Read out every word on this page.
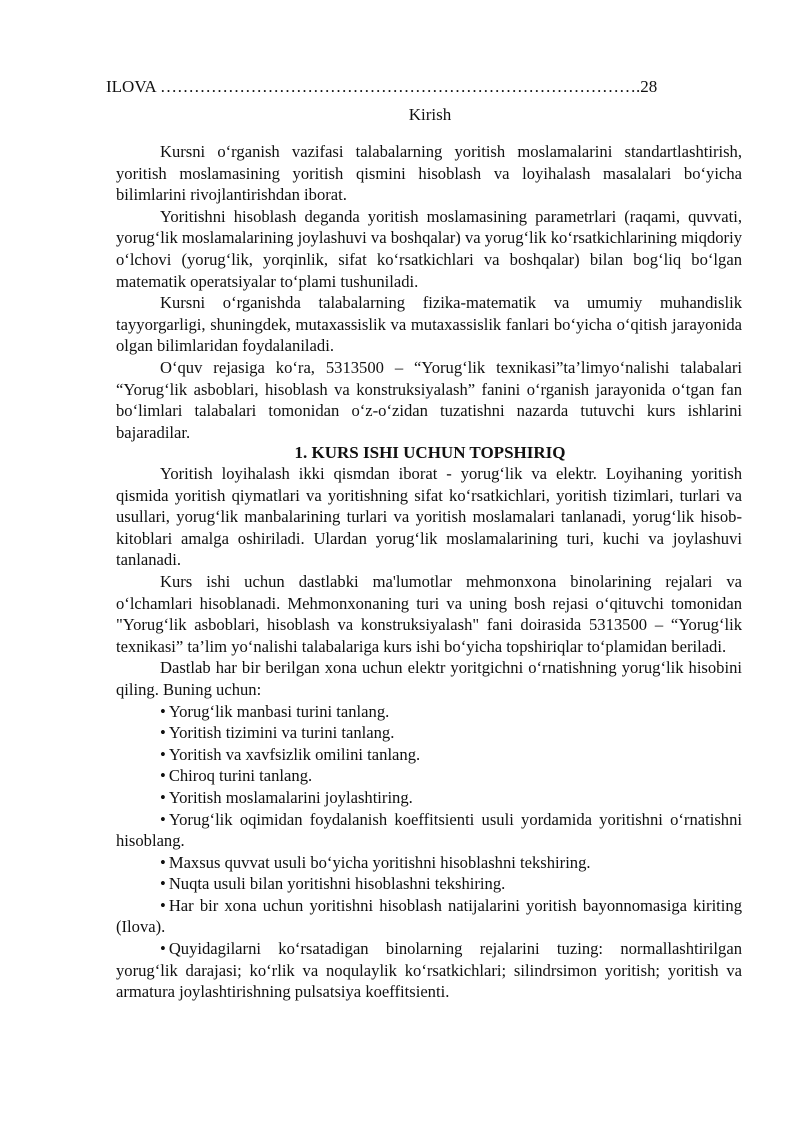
ILOVA ………………………………………………………………………….28
Kirish

Kursni o‘rganish vazifasi talabalarning yoritish moslamalarini standartlashtirish, yoritish moslamasining yoritish qismini hisoblash va loyihalash masalalari bo‘yicha bilimlarini rivojlantirishdan iborat.

Yoritishni hisoblash deganda yoritish moslamasining parametrlari (raqami, quvvati, yorug‘lik moslamalarining joylashuvi va boshqalar) va yorug‘lik ko‘rsatkichlarining miqdoriy o‘lchovi (yorug‘lik, yorqinlik, sifat ko‘rsatkichlari va boshqalar) bilan bog‘liq bo‘lgan matematik operatsiyalar to‘plami tushuniladi.

Kursni o‘rganishda talabalarning fizika-matematik va umumiy muhandislik tayyorgarligi, shuningdek, mutaxassislik va mutaxassislik fanlari bo‘yicha o‘qitish jarayonida olgan bilimlaridan foydalaniladi.

O‘quv rejasiga ko‘ra, 5313500 – “Yorug‘lik texnikasi”ta’limyo‘nalishi talabalari “Yorug‘lik asboblari, hisoblash va konstruksiyalash” fanini o‘rganish jarayonida o‘tgan fan bo‘limlari talabalari tomonidan o‘z-o‘zidan tuzatishni nazarda tutuvchi kurs ishlarini bajaradilar.

1. KURS ISHI UCHUN TOPSHIRIQ

Yoritish loyihalash ikki qismdan iborat - yorug‘lik va elektr. Loyihaning yoritish qismida yoritish qiymatlari va yoritishning sifat ko‘rsatkichlari, yoritish tizimlari, turlari va usullari, yorug‘lik manbalarining turlari va yoritish moslamalari tanlanadi, yorug‘lik hisob-kitoblari amalga oshiriladi. Ulardan yorug‘lik moslamalarining turi, kuchi va joylashuvi tanlanadi.

Kurs ishi uchun dastlabki ma'lumotlar mehmonxona binolarining rejalari va o‘lchamlari hisoblanadi. Mehmonxonaning turi va uning bosh rejasi o‘qituvchi tomonidan "Yorug‘lik asboblari, hisoblash va konstruksiyalash" fani doirasida 5313500 – “Yorug‘lik texnikasi” ta’lim yo‘nalishi talabalariga kurs ishi bo‘yicha topshiriqlar to‘plamidan beriladi.

Dastlab har bir berilgan xona uchun elektr yoritgichni o‘rnatishning yorug‘lik hisobini qiling. Buning uchun:

• Yorug‘lik manbasi turini tanlang.
• Yoritish tizimini va turini tanlang.
• Yoritish va xavfsizlik omilini tanlang.
• Chiroq turini tanlang.
• Yoritish moslamalarini joylashtiring.
• Yorug‘lik oqimidan foydalanish koeffitsienti usuli yordamida yoritishni o‘rnatishni hisoblang.
• Maxsus quvvat usuli bo‘yicha yoritishni hisoblashni tekshiring.
• Nuqta usuli bilan yoritishni hisoblashni tekshiring.
• Har bir xona uchun yoritishni hisoblash natijalarini yoritish bayonnomasiga kiriting (Ilova).
• Quyidagilarni ko‘rsatadigan binolarning rejalarini tuzing: normallashtirilgan yorug‘lik darajasi; ko‘rlik va noqulaylik ko‘rsatkichlari; silindrsimon yoritish; yoritish va armatura joylashtirishning pulsatsiya koeffitsienti.
